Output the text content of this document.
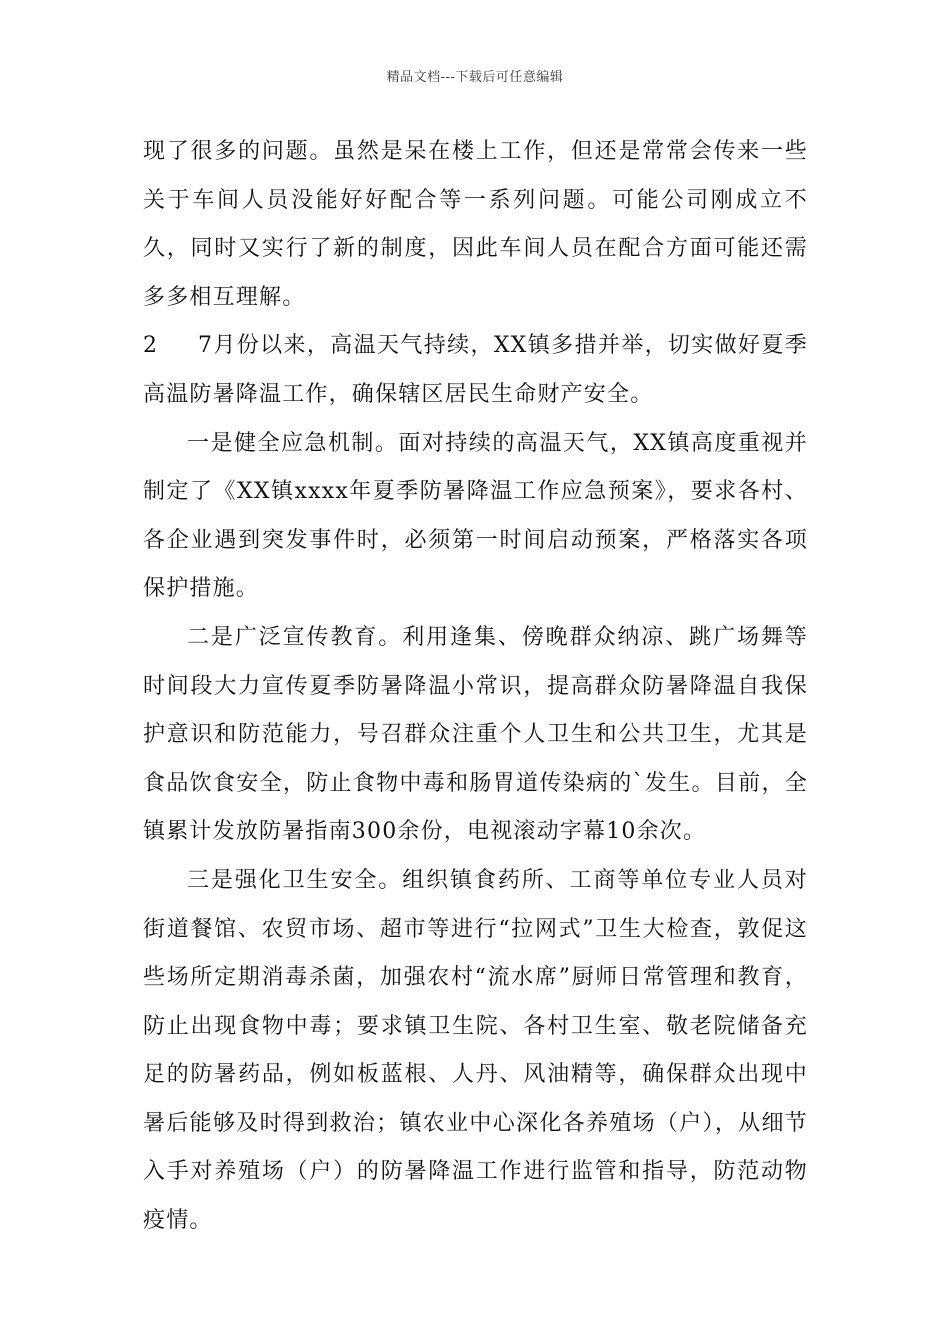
精品文档---下载后可任意编辑

现了很多的问题。虽然是呆在楼上工作，但还是常常会传来一些关于车间人员没能好好配合等一系列问题。可能公司刚成立不久，同时又实行了新的制度，因此车间人员在配合方面可能还需多多相互理解。

2 7月份以来，高温天气持续，XX镇多措并举，切实做好夏季高温防暑降温工作，确保辖区居民生命财产安全。

一是健全应急机制。面对持续的高温天气，XX镇高度重视并制定了《XX镇xxxx年夏季防暑降温工作应急预案》，要求各村、各企业遇到突发事件时，必须第一时间启动预案，严格落实各项保护措施。

二是广泛宣传教育。利用逢集、傍晚群众纳凉、跳广场舞等时间段大力宣传夏季防暑降温小常识，提高群众防暑降温自我保护意识和防范能力，号召群众注重个人卫生和公共卫生，尤其是食品饮食安全，防止食物中毒和肠胃道传染病的`发生。目前，全镇累计发放防暑指南300余份，电视滚动字幕10余次。

三是强化卫生安全。组织镇食药所、工商等单位专业人员对街道餐馆、农贸市场、超市等进行“拉网式”卫生大检查，敦促这些场所定期消毒杀菌，加强农村“流水席”厨师日常管理和教育，防止出现食物中毒；要求镇卫生院、各村卫生室、敬老院储备充足的防暑药品，例如板蓝根、人丹、风油精等，确保群众出现中暑后能够及时得到救治；镇农业中心深化各养殖场（户），从细节入手对养殖场（户）的防暑降温工作进行监管和指导，防范动物疫情。
